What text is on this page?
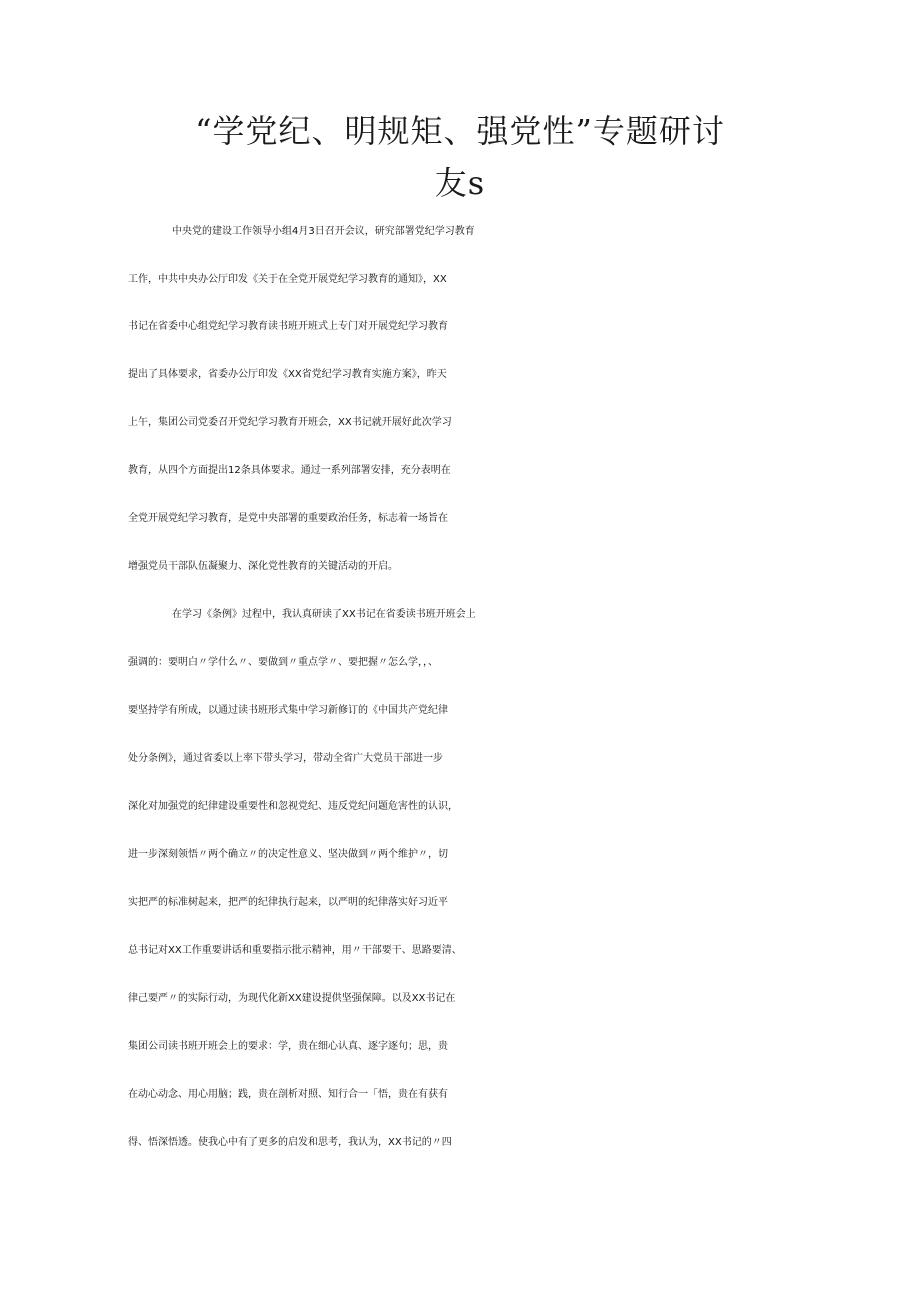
“学党纪、明规矩、强党性”专题研讨
友s
中央党的建设工作领导小组4月3日召开会议，研究部署党纪学习教育
工作，中共中央办公厅印发《关于在全党开展党纪学习教育的通知》，XX
书记在省委中心组党纪学习教育读书班开班式上专门对开展党纪学习教育
提出了具体要求，省委办公厅印发《XX省党纪学习教育实施方案》，昨天
上午，集团公司党委召开党纪学习教育开班会，XX书记就开展好此次学习
教育，从四个方面提出12条具体要求。通过一系列部署安排，充分表明在
全党开展党纪学习教育，是党中央部署的重要政治任务，标志着一场旨在
增强党员干部队伍凝聚力、深化党性教育的关键活动的开启。
在学习《条例》过程中，我认真研读了XX书记在省委读书班开班会上
强调的：要明白〃学什么〃、要做到〃重点学〃、要把握〃怎么学，，、
要坚持学有所成，以通过读书班形式集中学习新修订的《中国共产党纪律
处分条例》，通过省委以上率下带头学习，带动全省广大党员干部进一步
深化对加强党的纪律建设重要性和忽视党纪、违反党纪问题危害性的认识，
进一步深刻领悟〃两个确立〃的决定性意义、坚决做到〃两个维护〃，切
实把严的标准树起来，把严的纪律执行起来，以严明的纪律落实好习近平
总书记对XX工作重要讲话和重要指示批示精神，用〃干部要干、思路要清、
律己要严〃的实际行动，为现代化新XX建设提供坚强保障。以及XX书记在
集团公司读书班开班会上的要求：学，贵在细心认真、逐字逐句；思，贵
在动心动念、用心用脑；践，贵在剖析对照、知行合一「悟，贵在有获有
得、悟深悟透。使我心中有了更多的启发和思考，我认为，XX书记的〃四
